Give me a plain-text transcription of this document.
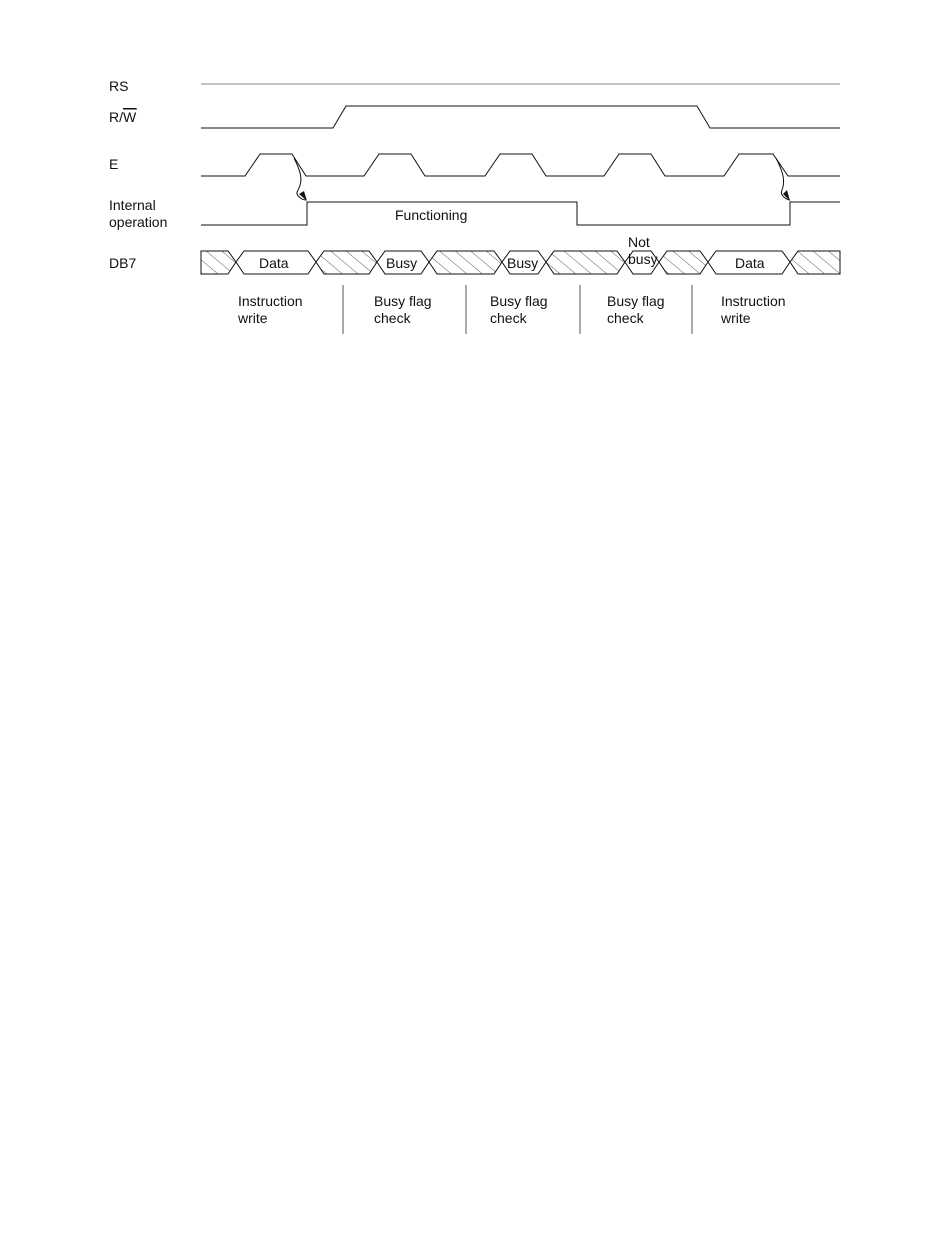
RS
R/W
E
Internal
operation
DB7
Functioning
Data	Busy	Busy
Not
busy	Data
Instruction
write
Busy flag
check
Busy flag
check
Busy flag
check
Instruction
write
